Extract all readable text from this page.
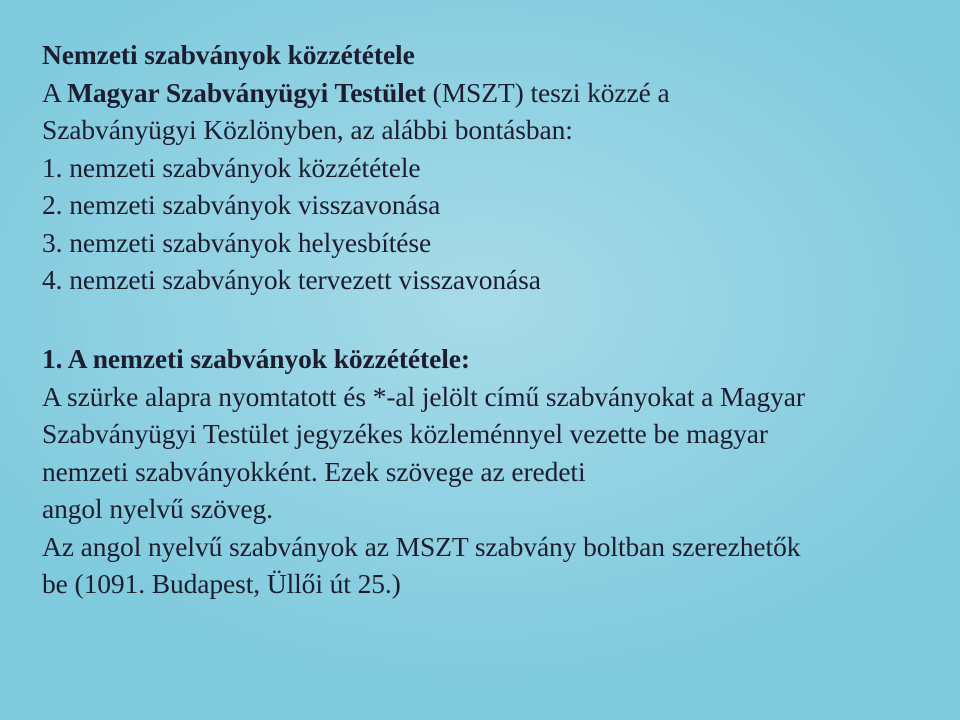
Nemzeti szabványok közzététele
A Magyar Szabványügyi Testület (MSZT) teszi közzé a
Szabványügyi Közlönyben, az alábbi bontásban:
1. nemzeti szabványok közzététele
2. nemzeti szabványok visszavonása
3. nemzeti szabványok helyesbítése
4. nemzeti szabványok tervezett visszavonása
1. A nemzeti szabványok közzététele:
A szürke alapra nyomtatott és *-al jelölt című szabványokat a Magyar
Szabványügyi Testület jegyzékes közleménnyel vezette be magyar
nemzeti szabványokként. Ezek szövege az eredeti
angol nyelvű szöveg.
Az angol nyelvű szabványok az MSZT szabvány boltban szerezhetők
be (1091. Budapest, Üllői út 25.)
